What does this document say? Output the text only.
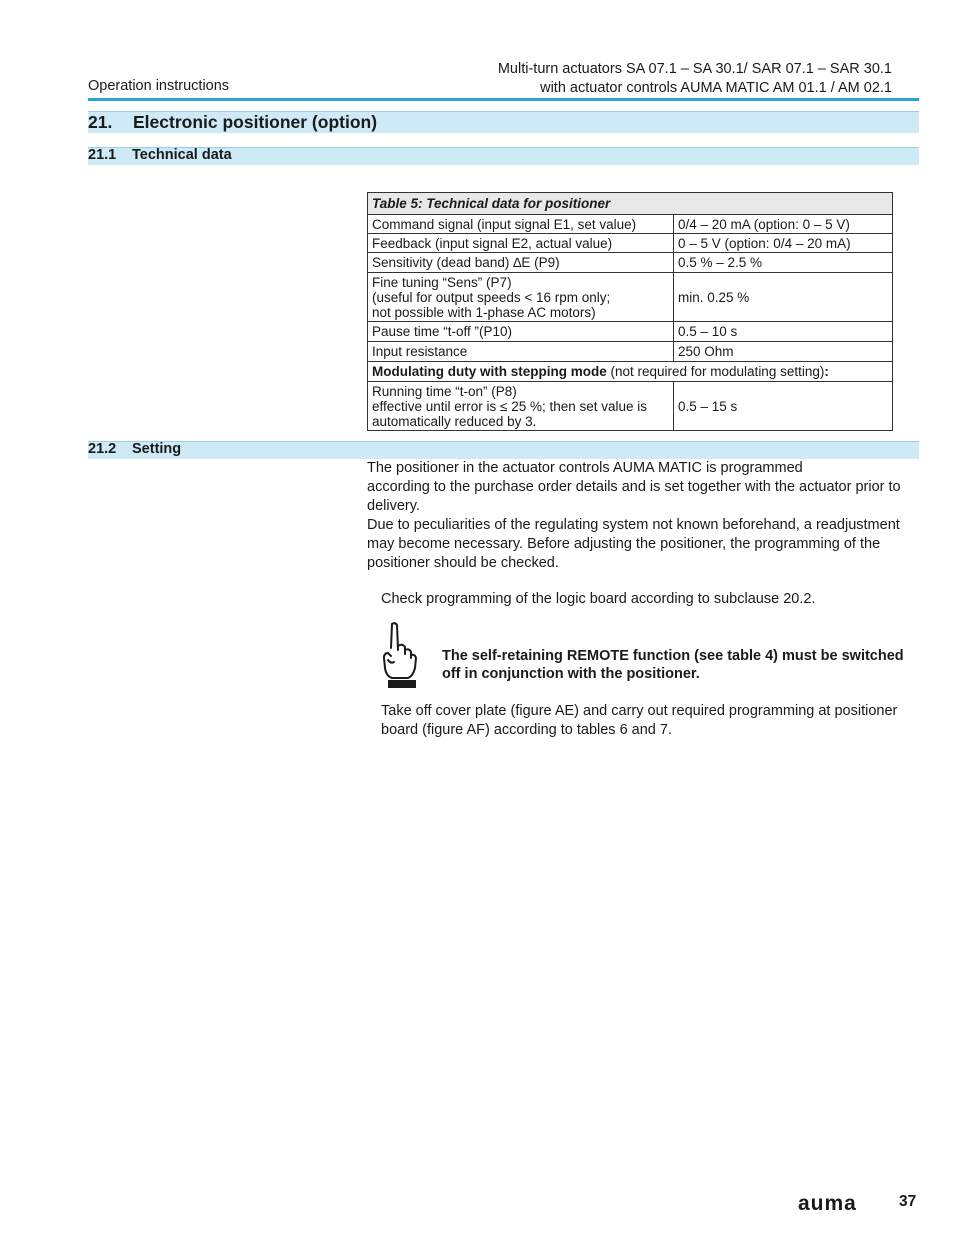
Operation instructions
Multi-turn actuators SA 07.1 – SA 30.1/ SAR 07.1 – SAR 30.1
with actuator controls AUMA MATIC AM 01.1 / AM 02.1
21. Electronic positioner (option)
21.1 Technical data
Table 5: Technical data for positioner	
Command signal (input signal E1, set value)	0/4 – 20 mA (option: 0 – 5 V)
Feedback (input signal E2, actual value)	0 – 5 V (option: 0/4 – 20 mA)
Sensitivity (dead band) ∆E (P9)	0.5 % – 2.5 %

Fine tuning “Sens” (P7)
(useful for output speeds < 16 rpm only;
not possible with 1-phase AC motors)	min. 0.25 %
Pause time “t-off ”(P10)	0.5 – 10 s
Input resistance	250 Ohm
Modulating duty with stepping mode (not required for modulating setting):	

Running time “t-on” (P8)
effective until error is ≤ 25 %; then set value is
automatically reduced by 3.	0.5 – 15 s
21.2 Setting

The positioner in the actuator controls AUMA MATIC is programmed

according to the purchase order details and is set together with the actuator prior to delivery.

Due to peculiarities of the regulating system not known beforehand, a readjustment may become necessary. Before adjusting the positioner, the programming of the positioner should be checked.

Check programming of the logic board according to subclause 20.2.
The self-retaining REMOTE function (see table 4) must be switched off in conjunction with the positioner.
Take off cover plate (figure AE) and carry out required programming at positioner board (figure AF) according to tables 6 and 7.
auma	37
